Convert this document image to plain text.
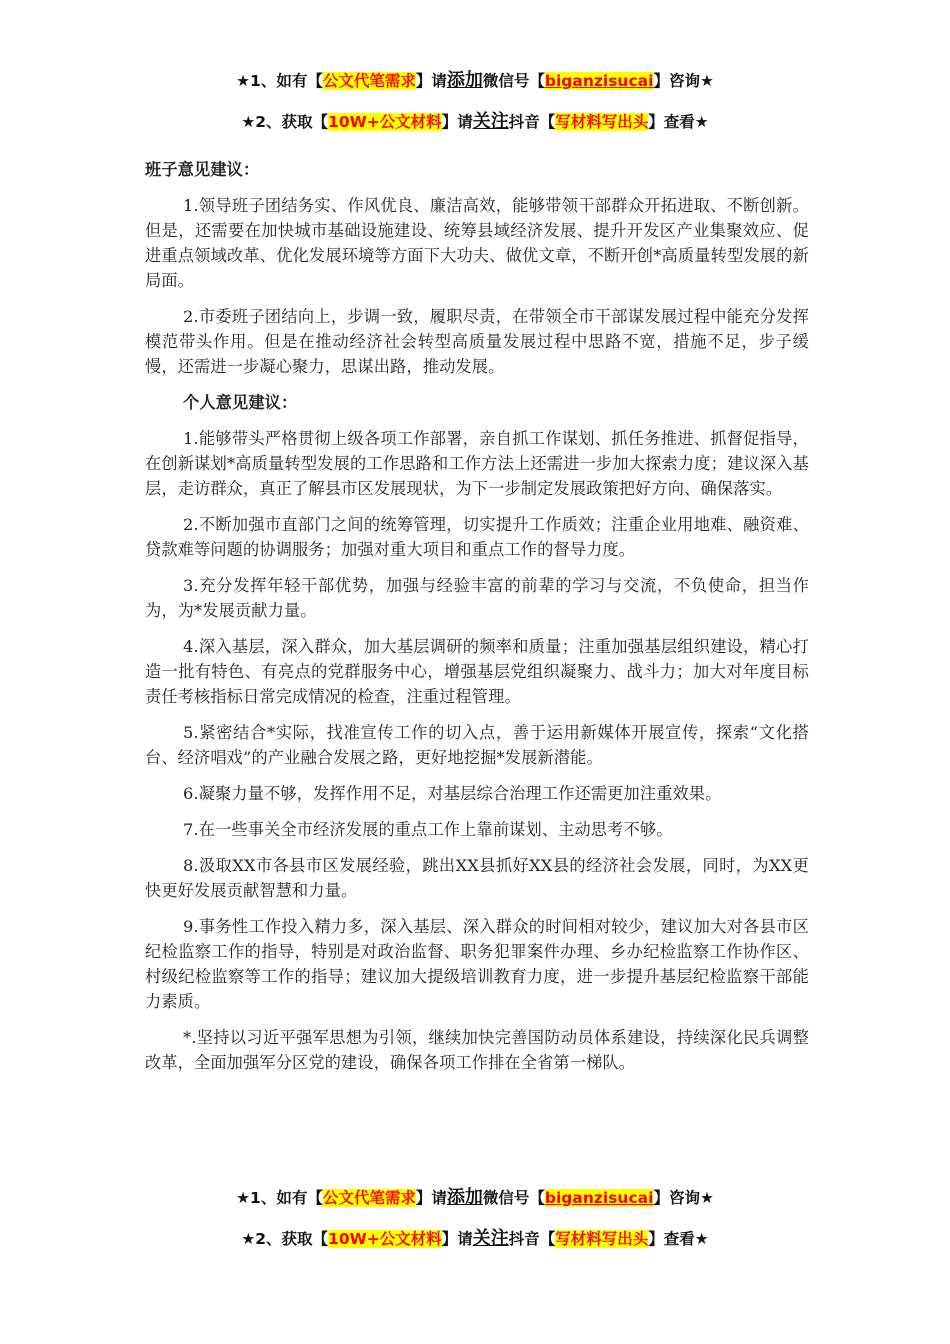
★1、如有【公文代笔需求】请添加微信号【biganzisucai】咨询★
★2、获取【10W+公文材料】请关注抖音【写材料写出头】查看★

班子意见建议：

1.领导班子团结务实、作风优良、廉洁高效，能够带领干部群众开拓进取、不断创新。但是，还需要在加快城市基础设施建设、统筹县域经济发展、提升开发区产业集聚效应、促进重点领域改革、优化发展环境等方面下大功夫、做优文章，不断开创*高质量转型发展的新局面。

2.市委班子团结向上，步调一致，履职尽责，在带领全市干部谋发展过程中能充分发挥模范带头作用。但是在推动经济社会转型高质量发展过程中思路不宽，措施不足，步子缓慢，还需进一步凝心聚力，思谋出路，推动发展。

个人意见建议：

1.能够带头严格贯彻上级各项工作部署，亲自抓工作谋划、抓任务推进、抓督促指导，在创新谋划*高质量转型发展的工作思路和工作方法上还需进一步加大探索力度；建议深入基层，走访群众，真正了解县市区发展现状，为下一步制定发展政策把好方向、确保落实。

2.不断加强市直部门之间的统筹管理，切实提升工作质效；注重企业用地难、融资难、贷款难等问题的协调服务；加强对重大项目和重点工作的督导力度。

3.充分发挥年轻干部优势，加强与经验丰富的前辈的学习与交流，不负使命，担当作为，为*发展贡献力量。

4.深入基层，深入群众，加大基层调研的频率和质量；注重加强基层组织建设，精心打造一批有特色、有亮点的党群服务中心，增强基层党组织凝聚力、战斗力；加大对年度目标责任考核指标日常完成情况的检查，注重过程管理。

5.紧密结合*实际，找准宣传工作的切入点，善于运用新媒体开展宣传，探索“文化搭台、经济唱戏”的产业融合发展之路，更好地挖掘*发展新潜能。

6.凝聚力量不够，发挥作用不足，对基层综合治理工作还需更加注重效果。

7.在一些事关全市经济发展的重点工作上靠前谋划、主动思考不够。

8.汲取XX市各县市区发展经验，跳出XX县抓好XX县的经济社会发展，同时，为XX更快更好发展贡献智慧和力量。

9.事务性工作投入精力多，深入基层、深入群众的时间相对较少，建议加大对各县市区纪检监察工作的指导，特别是对政治监督、职务犯罪案件办理、乡办纪检监察工作协作区、村级纪检监察等工作的指导；建议加大提级培训教育力度，进一步提升基层纪检监察干部能力素质。

*.坚持以习近平强军思想为引领，继续加快完善国防动员体系建设，持续深化民兵调整改革，全面加强军分区党的建设，确保各项工作排在全省第一梯队。

★1、如有【公文代笔需求】请添加微信号【biganzisucai】咨询★
★2、获取【10W+公文材料】请关注抖音【写材料写出头】查看★
